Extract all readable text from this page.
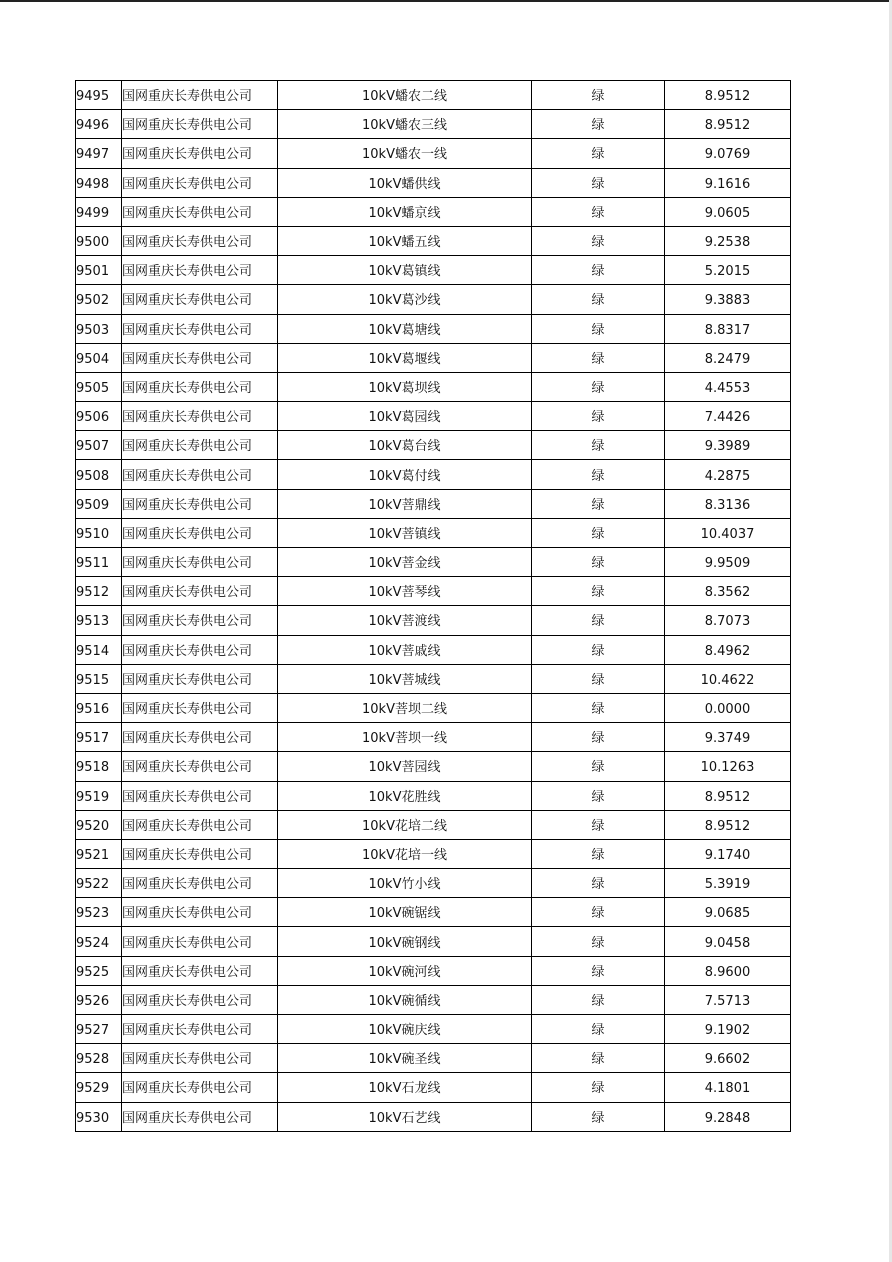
9495	国网重庆长寿供电公司	10kV蟠农二线	绿	8.9512
9496	国网重庆长寿供电公司	10kV蟠农三线	绿	8.9512
9497	国网重庆长寿供电公司	10kV蟠农一线	绿	9.0769
9498	国网重庆长寿供电公司	10kV蟠供线	绿	9.1616
9499	国网重庆长寿供电公司	10kV蟠京线	绿	9.0605
9500	国网重庆长寿供电公司	10kV蟠五线	绿	9.2538
9501	国网重庆长寿供电公司	10kV葛镇线	绿	5.2015
9502	国网重庆长寿供电公司	10kV葛沙线	绿	9.3883
9503	国网重庆长寿供电公司	10kV葛塘线	绿	8.8317
9504	国网重庆长寿供电公司	10kV葛堰线	绿	8.2479
9505	国网重庆长寿供电公司	10kV葛坝线	绿	4.4553
9506	国网重庆长寿供电公司	10kV葛园线	绿	7.4426
9507	国网重庆长寿供电公司	10kV葛台线	绿	9.3989
9508	国网重庆长寿供电公司	10kV葛付线	绿	4.2875
9509	国网重庆长寿供电公司	10kV菩鼎线	绿	8.3136
9510	国网重庆长寿供电公司	10kV菩镇线	绿	10.4037
9511	国网重庆长寿供电公司	10kV菩金线	绿	9.9509
9512	国网重庆长寿供电公司	10kV菩琴线	绿	8.3562
9513	国网重庆长寿供电公司	10kV菩渡线	绿	8.7073
9514	国网重庆长寿供电公司	10kV菩戚线	绿	8.4962
9515	国网重庆长寿供电公司	10kV菩城线	绿	10.4622
9516	国网重庆长寿供电公司	10kV菩坝二线	绿	0.0000
9517	国网重庆长寿供电公司	10kV菩坝一线	绿	9.3749
9518	国网重庆长寿供电公司	10kV菩园线	绿	10.1263
9519	国网重庆长寿供电公司	10kV花胜线	绿	8.9512
9520	国网重庆长寿供电公司	10kV花培二线	绿	8.9512
9521	国网重庆长寿供电公司	10kV花培一线	绿	9.1740
9522	国网重庆长寿供电公司	10kV竹小线	绿	5.3919
9523	国网重庆长寿供电公司	10kV碗锯线	绿	9.0685
9524	国网重庆长寿供电公司	10kV碗钢线	绿	9.0458
9525	国网重庆长寿供电公司	10kV碗河线	绿	8.9600
9526	国网重庆长寿供电公司	10kV碗循线	绿	7.5713
9527	国网重庆长寿供电公司	10kV碗庆线	绿	9.1902
9528	国网重庆长寿供电公司	10kV碗圣线	绿	9.6602
9529	国网重庆长寿供电公司	10kV石龙线	绿	4.1801
9530	国网重庆长寿供电公司	10kV石艺线	绿	9.2848
